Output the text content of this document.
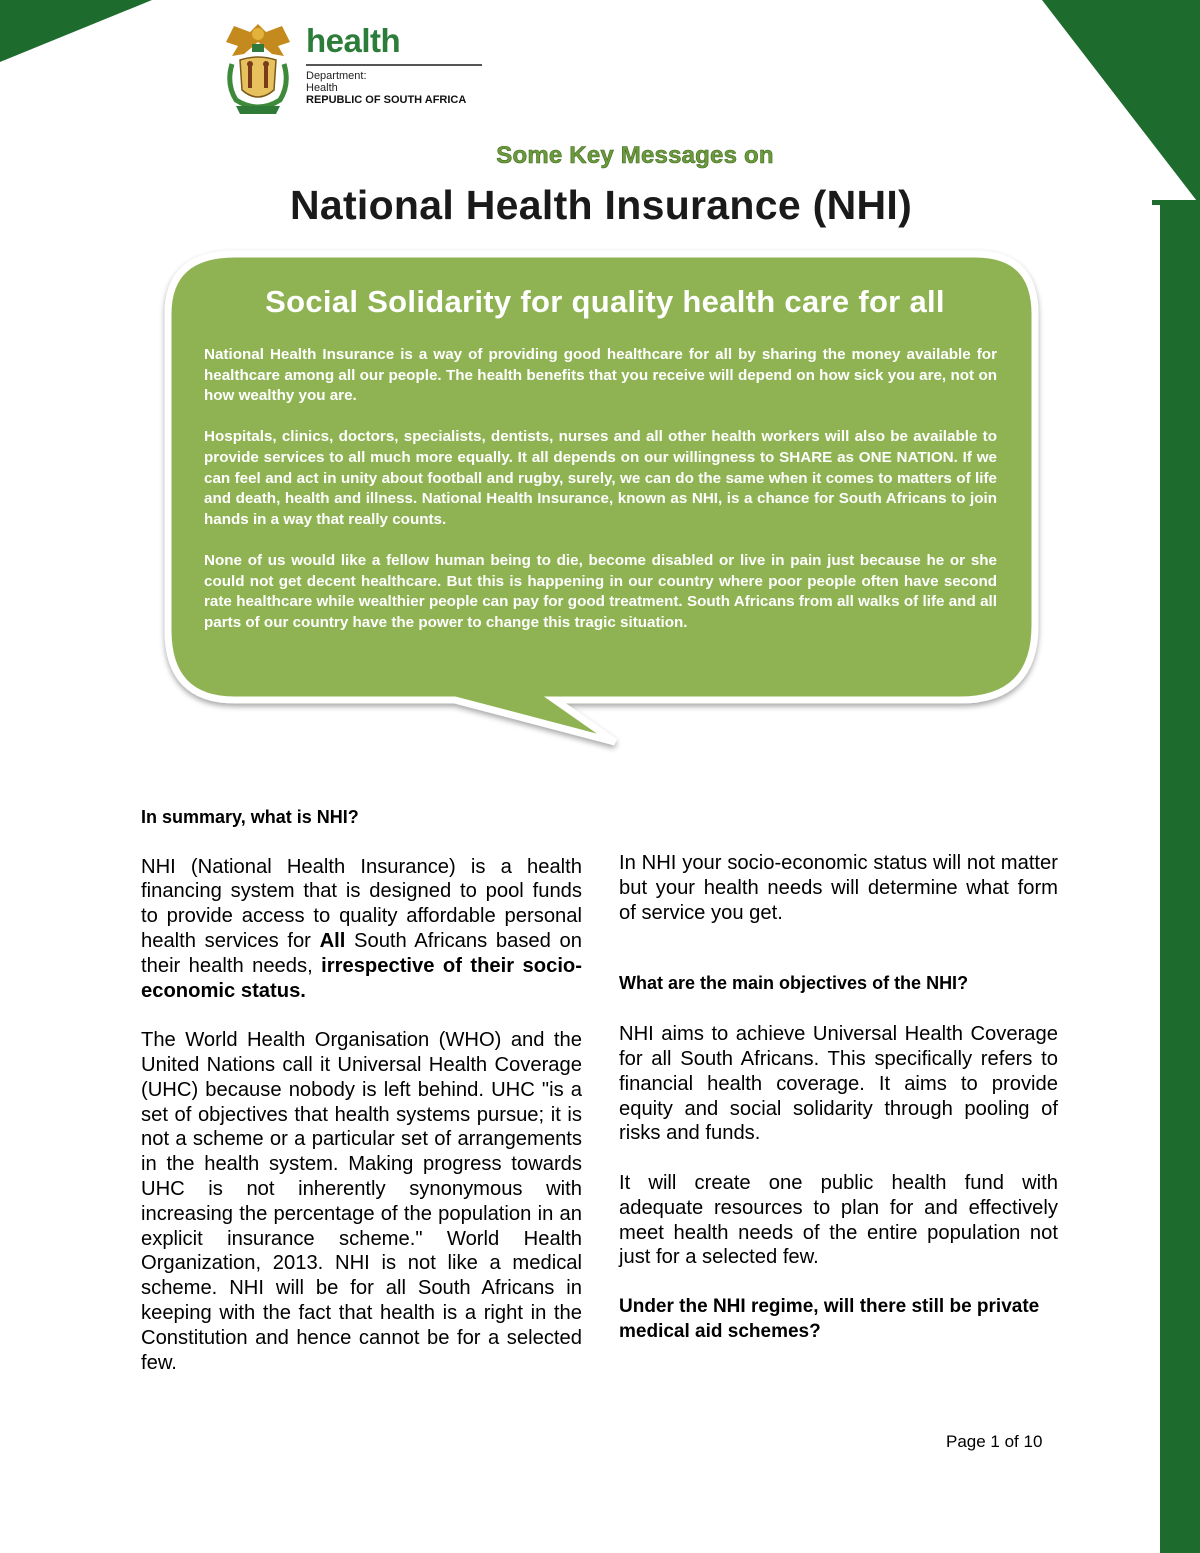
health
Department:
Health
REPUBLIC OF SOUTH AFRICA
Some Key Messages on
National Health Insurance (NHI)
Social Solidarity for quality health care for all

National Health Insurance is a way of providing good healthcare for all by sharing the money available for healthcare among all our people. The health benefits that you receive will depend on how sick you are, not on how wealthy you are.

Hospitals, clinics, doctors, specialists, dentists, nurses and all other health workers will also be available to provide services to all much more equally. It all depends on our willingness to SHARE as ONE NATION. If we can feel and act in unity about football and rugby, surely, we can do the same when it comes to matters of life and death, health and illness. National Health Insurance, known as NHI, is a chance for South Africans to join hands in a way that really counts.

None of us would like a fellow human being to die, become disabled or live in pain just because he or she could not get decent healthcare. But this is happening in our country where poor people often have second rate healthcare while wealthier people can pay for good treatment. South Africans from all walks of life and all parts of our country have the power to change this tragic situation.

In summary, what is NHI?

NHI (National Health Insurance) is a health financing system that is designed to pool funds to provide access to quality affordable personal health services for All South Africans based on their health needs, irrespective of their socio-economic status.

The World Health Organisation (WHO) and the United Nations call it Universal Health Coverage (UHC) because nobody is left behind. UHC "is a set of objectives that health systems pursue; it is not a scheme or a particular set of arrangements in the health system. Making progress towards UHC is not inherently synonymous with increasing the percentage of the population in an explicit insurance scheme." World Health Organization, 2013. NHI is not like a medical scheme. NHI will be for all South Africans in keeping with the fact that health is a right in the Constitution and hence cannot be for a selected few.

In NHI your socio-economic status will not matter but your health needs will determine what form of service you get.

What are the main objectives of the NHI?

NHI aims to achieve Universal Health Coverage for all South Africans. This specifically refers to financial health coverage. It aims to provide equity and social solidarity through pooling of risks and funds.

It will create one public health fund with adequate resources to plan for and effectively meet health needs of the entire population not just for a selected few.

Under the NHI regime, will there still be private medical aid schemes?

Page 1 of 10
